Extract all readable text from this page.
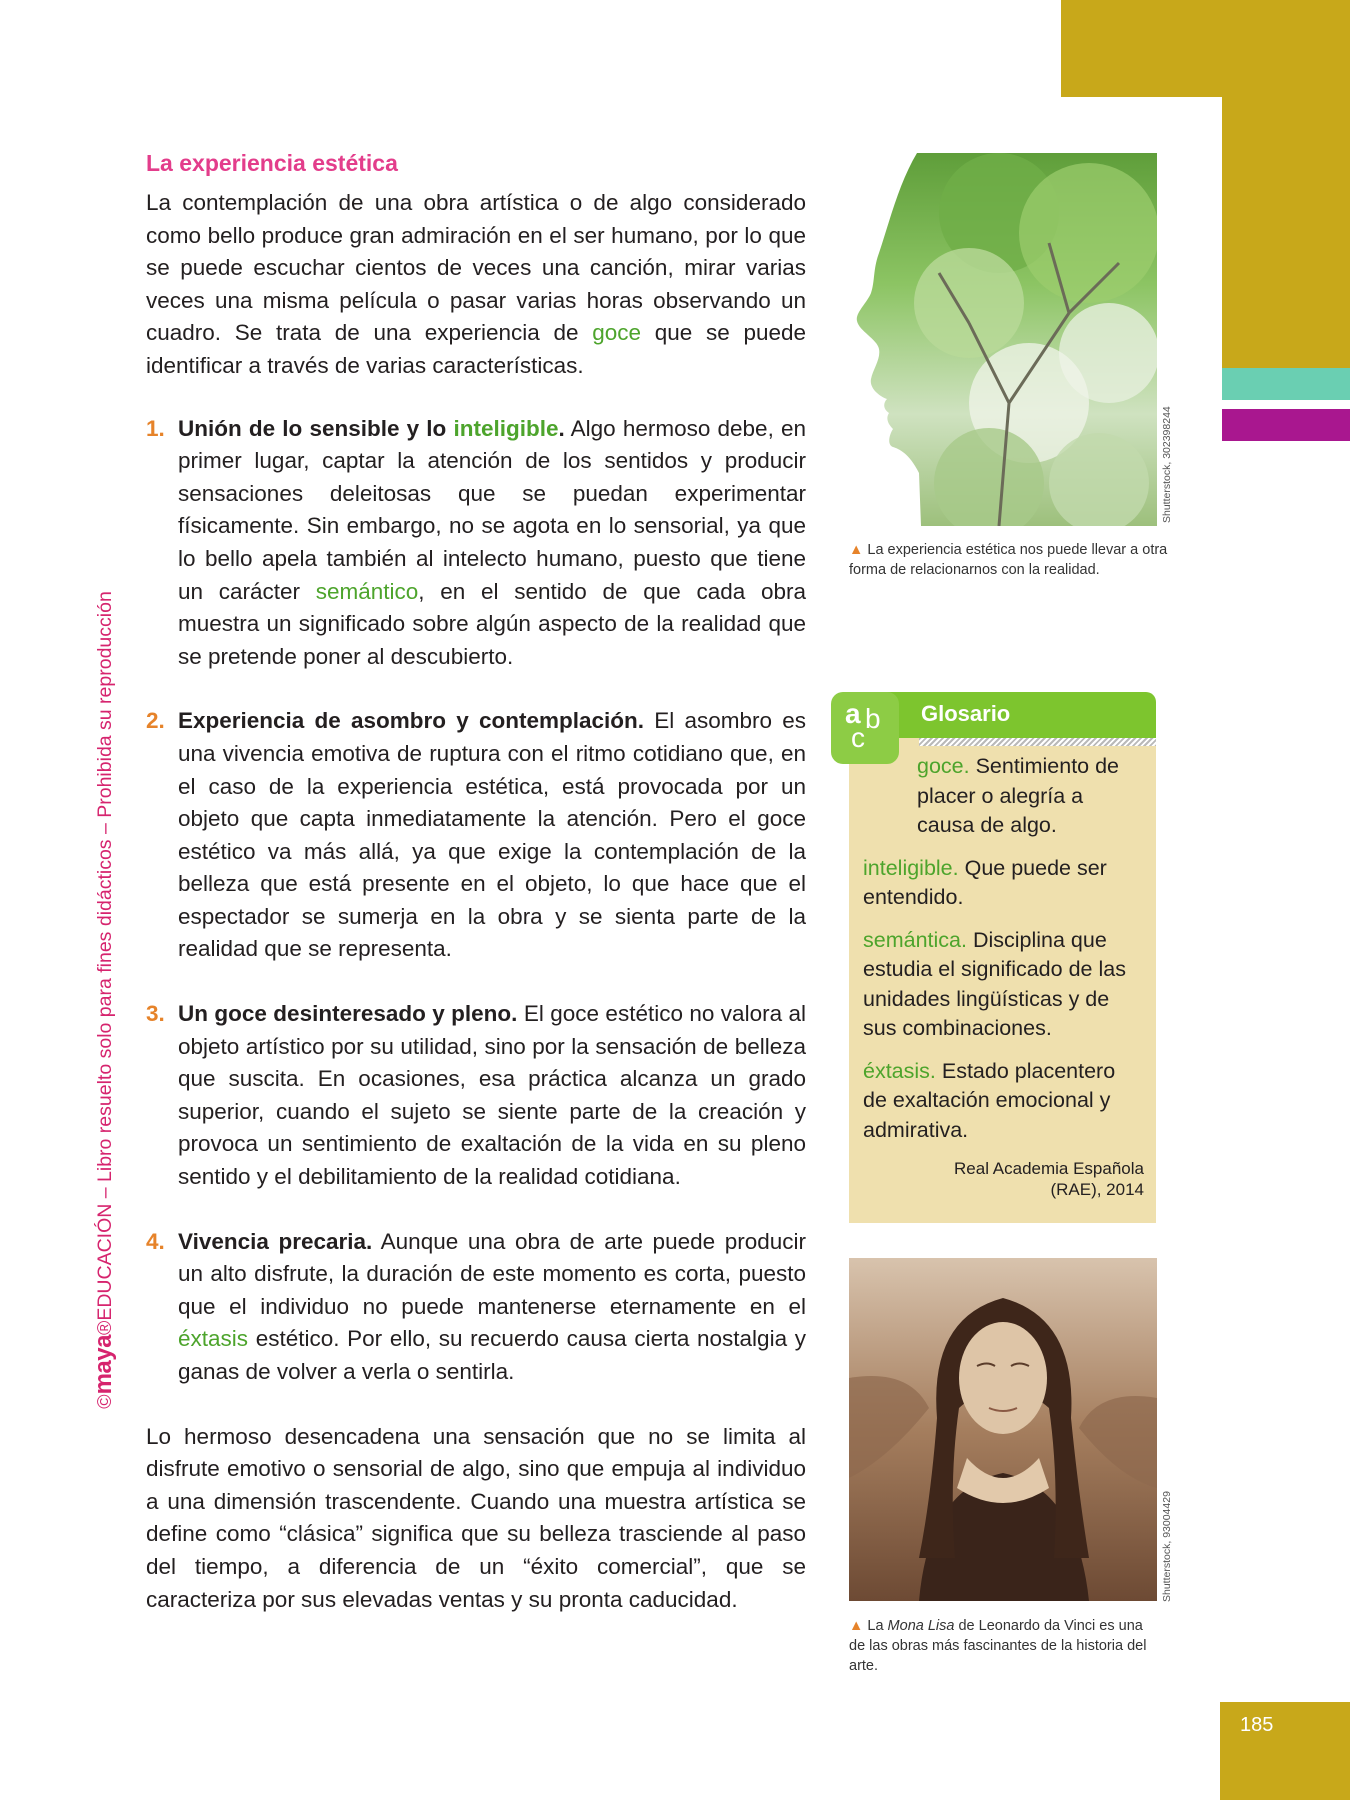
©maya®EDUCACIÓN – Libro resuelto solo para fines didácticos – Prohibida su reproducción
La experiencia estética

La contemplación de una obra artística o de algo considerado como bello produce gran admiración en el ser humano, por lo que se puede escuchar cientos de veces una canción, mirar varias veces una misma película o pasar varias horas observando un cuadro. Se trata de una experiencia de goce que se puede identificar a través de varias características.

1. Unión de lo sensible y lo inteligible. Algo hermoso debe, en primer lugar, captar la atención de los sentidos y producir sensaciones deleitosas que se puedan experimentar físicamente. Sin embargo, no se agota en lo sensorial, ya que lo bello apela también al intelecto humano, puesto que tiene un carácter semántico, en el sentido de que cada obra muestra un significado sobre algún aspecto de la realidad que se pretende poner al descubierto.
2. Experiencia de asombro y contemplación. El asombro es una vivencia emotiva de ruptura con el ritmo cotidiano que, en el caso de la experiencia estética, está provocada por un objeto que capta inmediatamente la atención. Pero el goce estético va más allá, ya que exige la contemplación de la belleza que está presente en el objeto, lo que hace que el espectador se sumerja en la obra y se sienta parte de la realidad que se representa.
3. Un goce desinteresado y pleno. El goce estético no valora al objeto artístico por su utilidad, sino por la sensación de belleza que suscita. En ocasiones, esa práctica alcanza un grado superior, cuando el sujeto se siente parte de la creación y provoca un sentimiento de exaltación de la vida en su pleno sentido y el debilitamiento de la realidad cotidiana.
4. Vivencia precaria. Aunque una obra de arte puede producir un alto disfrute, la duración de este momento es corta, puesto que el individuo no puede mantenerse eternamente en el éxtasis estético. Por ello, su recuerdo causa cierta nostalgia y ganas de volver a verla o sentirla.

Lo hermoso desencadena una sensación que no se limita al disfrute emotivo o sensorial de algo, sino que empuja al individuo a una dimensión trascendente. Cuando una muestra artística se define como “clásica” significa que su belleza trasciende al paso del tiempo, a diferencia de un “éxito comercial”, que se caracteriza por sus elevadas ventas y su pronta caducidad.

Shutterstock, 302398244
▲ La experiencia estética nos puede llevar a otra forma de relacionarnos con la realidad.
a b
c
Glosario

goce. Sentimiento de placer o alegría a causa de algo.

inteligible. Que puede ser entendido.

semántica. Disciplina que estudia el significado de las unidades lingüísticas y de sus combinaciones.

éxtasis. Estado placentero de exaltación emocional y admirativa.

Real Academia Española
(RAE), 2014

Shutterstock, 93004429
▲ La Mona Lisa de Leonardo da Vinci es una de las obras más fascinantes de la historia del arte.
185
